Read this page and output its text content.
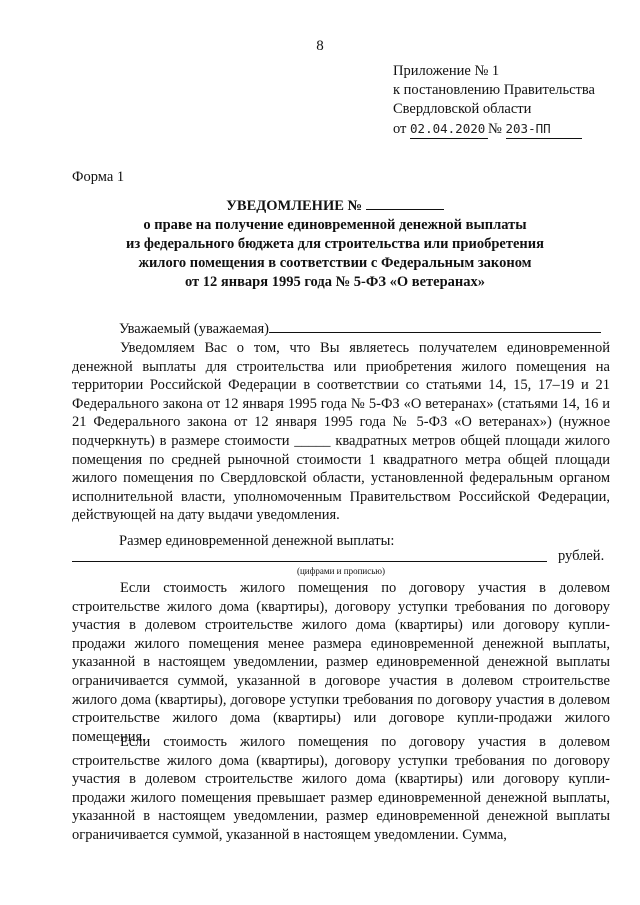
8
Приложение № 1
к постановлению Правительства
Свердловской области
от 02.04.2020 № 203-ПП
Форма 1
УВЕДОМЛЕНИЕ №
о праве на получение единовременной денежной выплаты
из федерального бюджета для строительства или приобретения
жилого помещения в соответствии с Федеральным законом
от 12 января 1995 года № 5-ФЗ «О ветеранах»
Уважаемый (уважаемая)

Уведомляем Вас о том, что Вы являетесь получателем единовременной денежной выплаты для строительства или приобретения жилого помещения на территории Российской Федерации в соответствии со статьями 14, 15, 17–19 и 21 Федерального закона от 12 января 1995 года № 5-ФЗ «О ветеранах» (статьями 14, 16 и 21 Федерального закона от 12 января 1995 года № 5-ФЗ «О ветеранах») (нужное подчеркнуть) в размере стоимости _____ квадратных метров общей площади жилого помещения по средней рыночной стоимости 1 квадратного метра общей площади жилого помещения по Свердловской области, установленной федеральным органом исполнительной власти, уполномоченным Правительством Российской Федерации, действующей на дату выдачи уведомления.

Размер единовременной денежной выплаты:
рублей.
(цифрами и прописью)

Если стоимость жилого помещения по договору участия в долевом строительстве жилого дома (квартиры), договору уступки требования по договору участия в долевом строительстве жилого дома (квартиры) или договору купли-продажи жилого помещения менее размера единовременной денежной выплаты, указанной в настоящем уведомлении, размер единовременной денежной выплаты ограничивается суммой, указанной в договоре участия в долевом строительстве жилого дома (квартиры), договоре уступки требования по договору участия в долевом строительстве жилого дома (квартиры) или договоре купли-продажи жилого помещения.

Если стоимость жилого помещения по договору участия в долевом строительстве жилого дома (квартиры), договору уступки требования по договору участия в долевом строительстве жилого дома (квартиры) или договору купли-продажи жилого помещения превышает размер единовременной денежной выплаты, указанной в настоящем уведомлении, размер единовременной денежной выплаты ограничивается суммой, указанной в настоящем уведомлении. Сумма,
